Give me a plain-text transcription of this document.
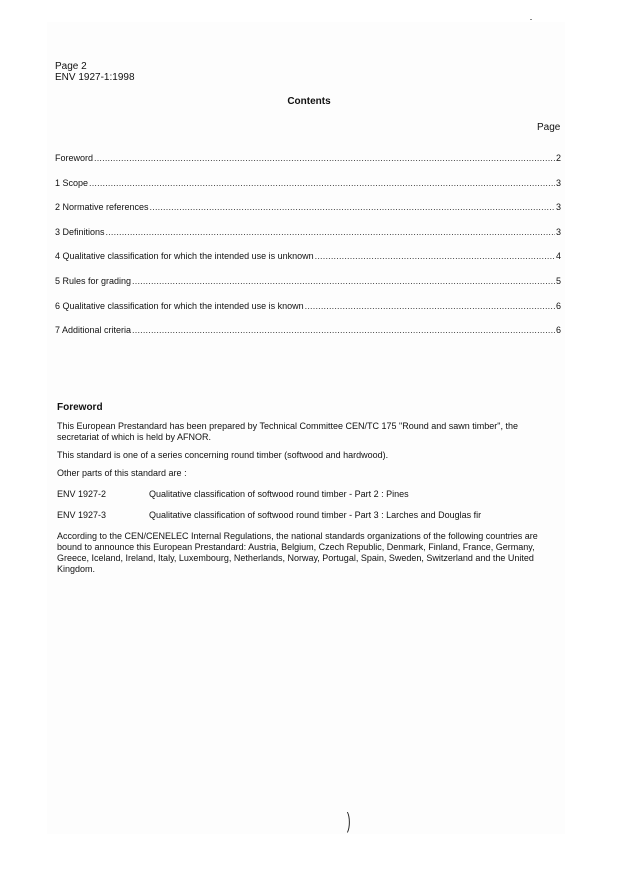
Page 2
ENV 1927-1:1998
Contents
Page
Foreword .....	2
1 Scope .....	3
2 Normative references .....	3
3 Definitions .....	3
4 Qualitative classification for which the intended use is unknown .....	4
5 Rules for grading .....	5
6 Qualitative classification for which the intended use is known .....	6
7 Additional criteria .....	6
Foreword

This European Prestandard has been prepared by Technical Committee CEN/TC 175 "Round and sawn timber", the secretariat of which is held by AFNOR.

This standard is one of a series concerning round timber (softwood and hardwood).

Other parts of this standard are :

ENV 1927-2	Qualitative classification of softwood round timber - Part 2 : Pines
ENV 1927-3	Qualitative classification of softwood round timber - Part 3 : Larches and Douglas fir

According to the CEN/CENELEC Internal Regulations, the national standards organizations of the following countries are bound to announce this European Prestandard: Austria, Belgium, Czech Republic, Denmark, Finland, France, Germany, Greece, Iceland, Ireland, Italy, Luxembourg, Netherlands, Norway, Portugal, Spain, Sweden, Switzerland and the United Kingdom.

)
